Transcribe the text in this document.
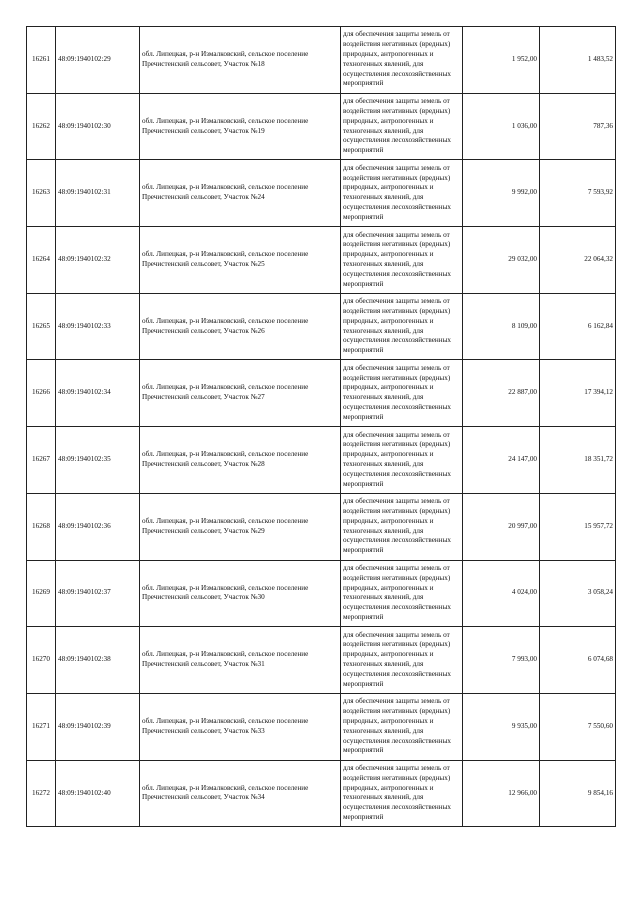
16261	48:09:1940102:29	обл. Липецкая, р-н Измалковский, сельское поселение Пречистенский сельсовет, Участок №18	для обеспечения защиты земель от воздействия негативных (вредных) природных, антропогенных и техногенных явлений, для осуществления лесохозяйственных мероприятий	1 952,00	1 483,52
16262	48:09:1940102:30	обл. Липецкая, р-н Измалковский, сельское поселение Пречистенский сельсовет, Участок №19	для обеспечения защиты земель от воздействия негативных (вредных) природных, антропогенных и техногенных явлений, для осуществления лесохозяйственных мероприятий	1 036,00	787,36
16263	48:09:1940102:31	обл. Липецкая, р-н Измалковский, сельское поселение Пречистенский сельсовет, Участок №24	для обеспечения защиты земель от воздействия негативных (вредных) природных, антропогенных и техногенных явлений, для осуществления лесохозяйственных мероприятий	9 992,00	7 593,92
16264	48:09:1940102:32	обл. Липецкая, р-н Измалковский, сельское поселение Пречистенский сельсовет, Участок №25	для обеспечения защиты земель от воздействия негативных (вредных) природных, антропогенных и техногенных явлений, для осуществления лесохозяйственных мероприятий	29 032,00	22 064,32
16265	48:09:1940102:33	обл. Липецкая, р-н Измалковский, сельское поселение Пречистенский сельсовет, Участок №26	для обеспечения защиты земель от воздействия негативных (вредных) природных, антропогенных и техногенных явлений, для осуществления лесохозяйственных мероприятий	8 109,00	6 162,84
16266	48:09:1940102:34	обл. Липецкая, р-н Измалковский, сельское поселение Пречистенский сельсовет, Участок №27	для обеспечения защиты земель от воздействия негативных (вредных) природных, антропогенных и техногенных явлений, для осуществления лесохозяйственных мероприятий	22 887,00	17 394,12
16267	48:09:1940102:35	обл. Липецкая, р-н Измалковский, сельское поселение Пречистенский сельсовет, Участок №28	для обеспечения защиты земель от воздействия негативных (вредных) природных, антропогенных и техногенных явлений, для осуществления лесохозяйственных мероприятий	24 147,00	18 351,72
16268	48:09:1940102:36	обл. Липецкая, р-н Измалковский, сельское поселение Пречистенский сельсовет, Участок №29	для обеспечения защиты земель от воздействия негативных (вредных) природных, антропогенных и техногенных явлений, для осуществления лесохозяйственных мероприятий	20 997,00	15 957,72
16269	48:09:1940102:37	обл. Липецкая, р-н Измалковский, сельское поселение Пречистенский сельсовет, Участок №30	для обеспечения защиты земель от воздействия негативных (вредных) природных, антропогенных и техногенных явлений, для осуществления лесохозяйственных мероприятий	4 024,00	3 058,24
16270	48:09:1940102:38	обл. Липецкая, р-н Измалковский, сельское поселение Пречистенский сельсовет, Участок №31	для обеспечения защиты земель от воздействия негативных (вредных) природных, антропогенных и техногенных явлений, для осуществления лесохозяйственных мероприятий	7 993,00	6 074,68
16271	48:09:1940102:39	обл. Липецкая, р-н Измалковский, сельское поселение Пречистенский сельсовет, Участок №33	для обеспечения защиты земель от воздействия негативных (вредных) природных, антропогенных и техногенных явлений, для осуществления лесохозяйственных мероприятий	9 935,00	7 550,60
16272	48:09:1940102:40	обл. Липецкая, р-н Измалковский, сельское поселение Пречистенский сельсовет, Участок №34	для обеспечения защиты земель от воздействия негативных (вредных) природных, антропогенных и техногенных явлений, для осуществления лесохозяйственных мероприятий	12 966,00	9 854,16
